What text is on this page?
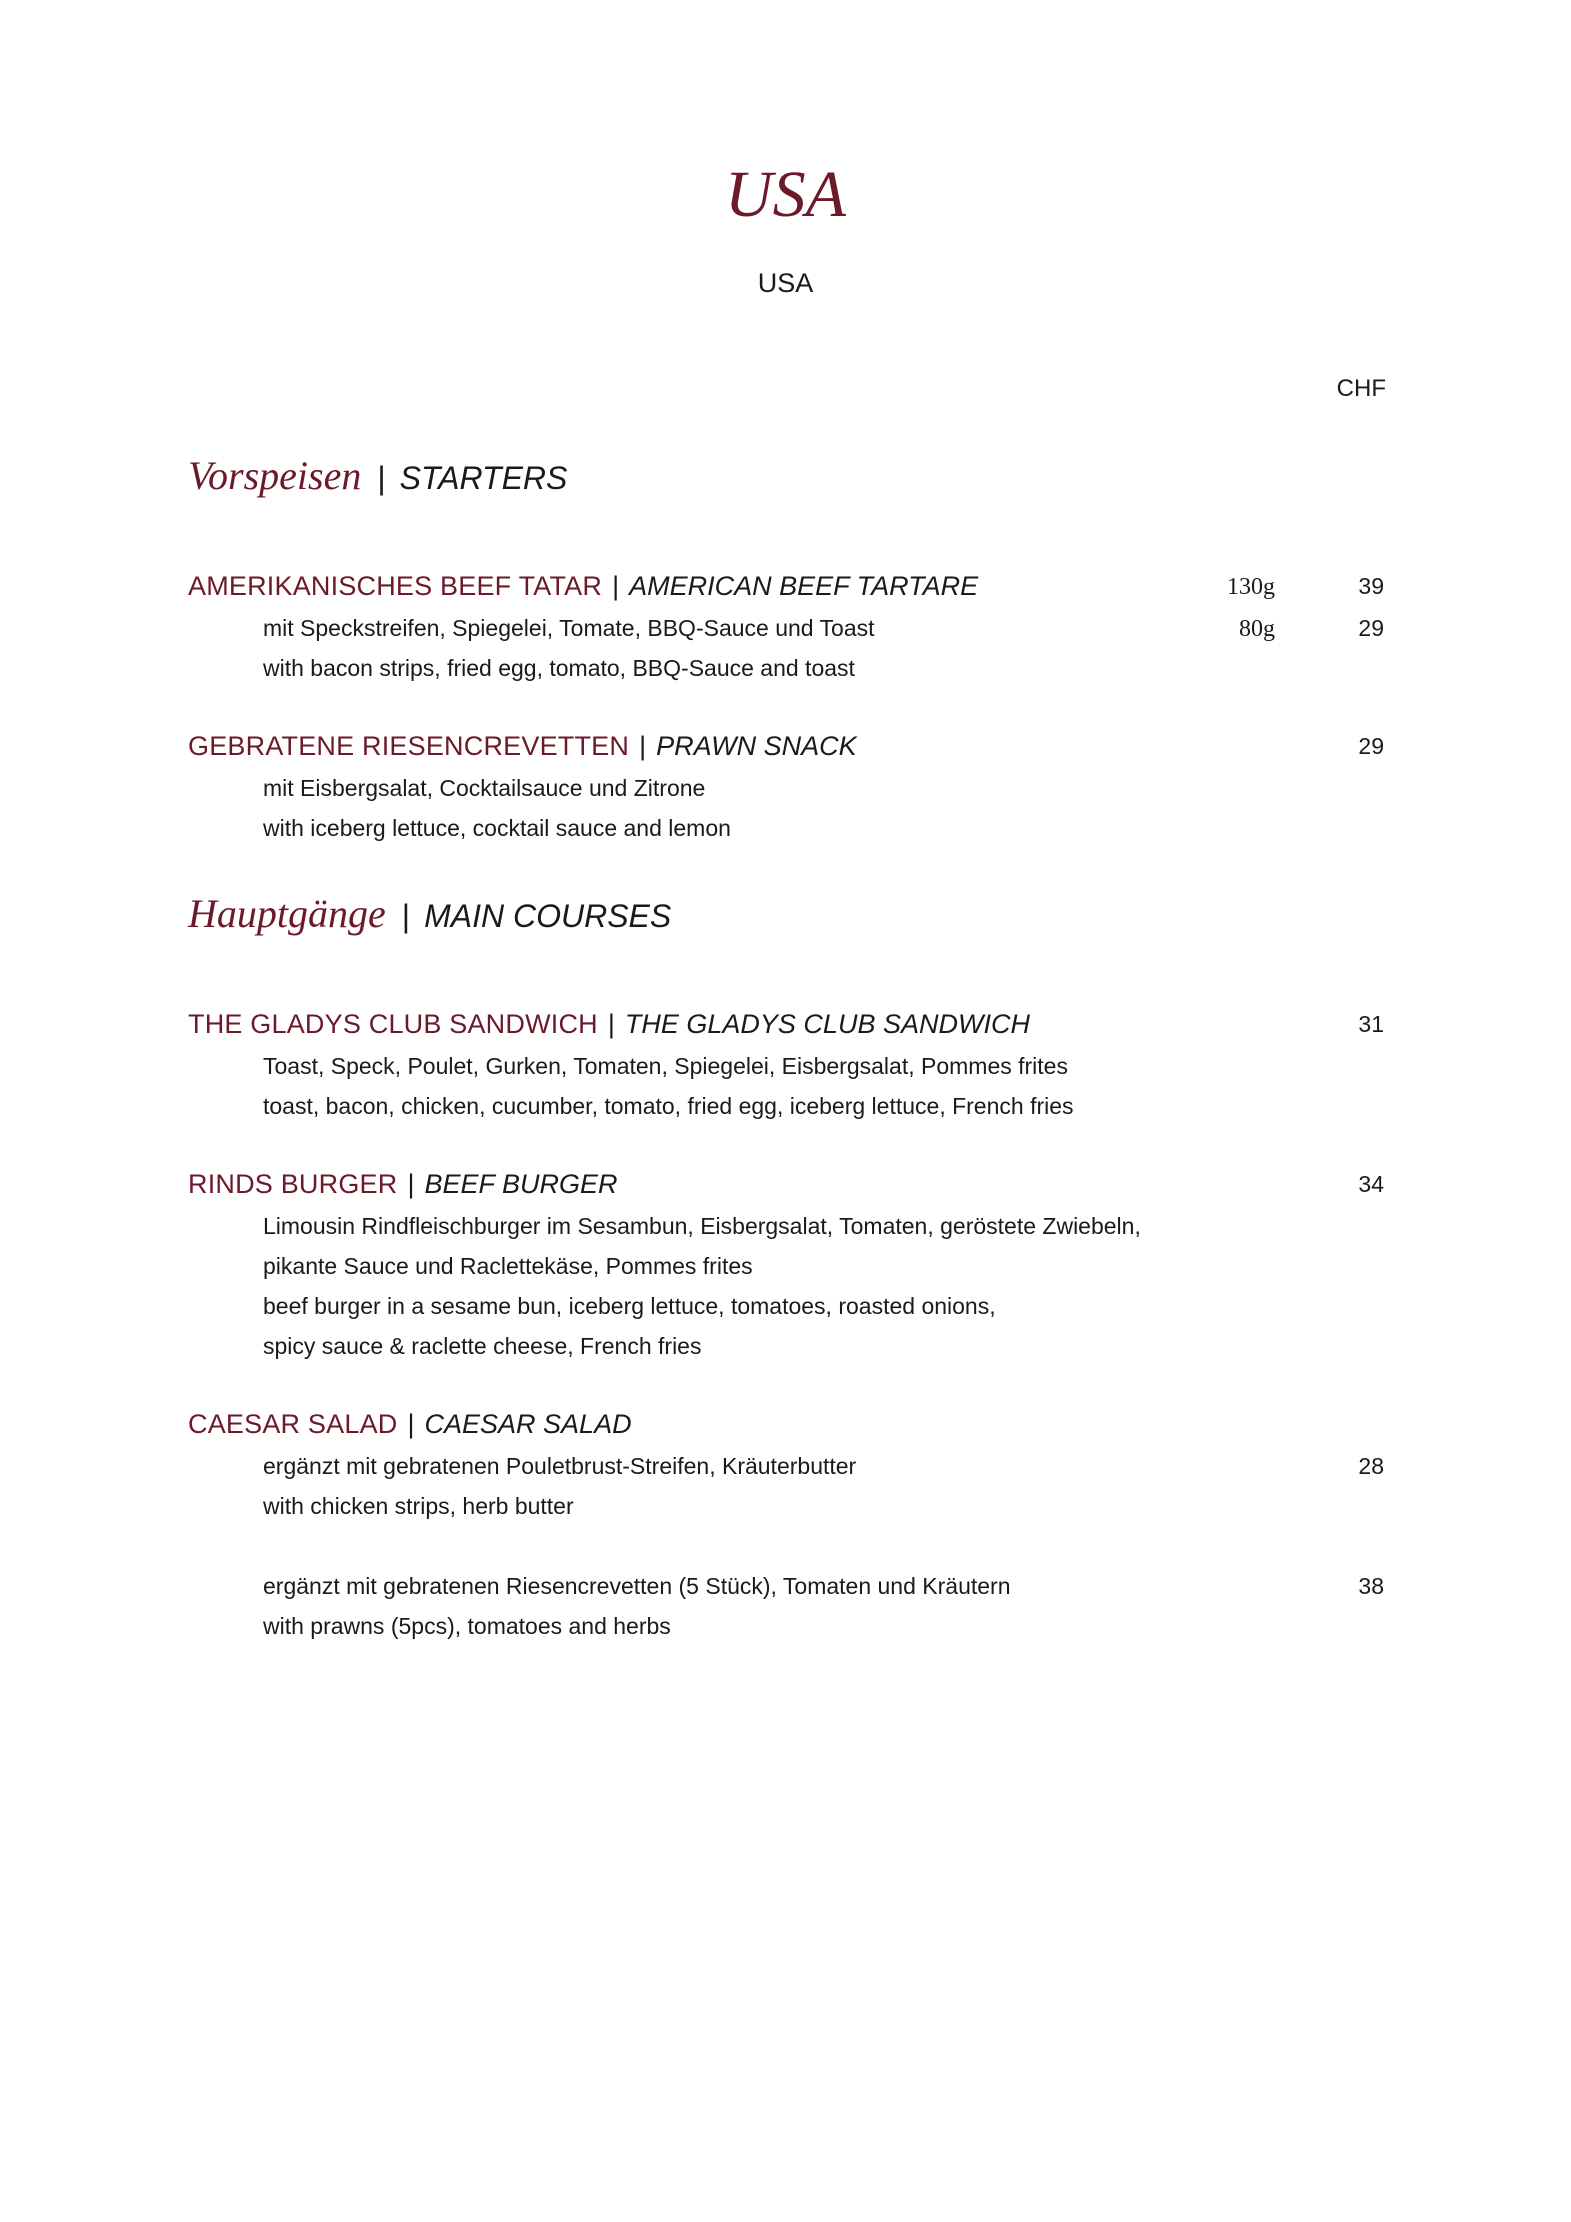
USA
USA
CHF
Vorspeisen | STARTERS
AMERIKANISCHES BEEF TATAR | AMERICAN BEEF TARTARE	130g	39
mit Speckstreifen, Spiegelei, Tomate, BBQ-Sauce und Toast	80g	29
with bacon strips, fried egg, tomato, BBQ-Sauce and toast
GEBRATENE RIESENCREVETTEN | PRAWN SNACK	29
mit Eisbergsalat, Cocktailsauce und Zitrone
with iceberg lettuce, cocktail sauce and lemon
Hauptgänge | MAIN COURSES
THE GLADYS CLUB SANDWICH | THE GLADYS CLUB SANDWICH	31
Toast, Speck, Poulet, Gurken, Tomaten, Spiegelei, Eisbergsalat, Pommes frites
toast, bacon, chicken, cucumber, tomato, fried egg, iceberg lettuce, French fries
RINDS BURGER | BEEF BURGER	34
Limousin Rindfleischburger im Sesambun, Eisbergsalat, Tomaten, geröstete Zwiebeln,
pikante Sauce und Raclettekäse, Pommes frites
beef burger in a sesame bun, iceberg lettuce, tomatoes, roasted onions,
spicy sauce & raclette cheese, French fries
CAESAR SALAD | CAESAR SALAD
ergänzt mit gebratenen Pouletbrust-Streifen, Kräuterbutter	28
with chicken strips, herb butter
ergänzt mit gebratenen Riesencrevetten (5 Stück), Tomaten und Kräutern	38
with prawns (5pcs), tomatoes and herbs
